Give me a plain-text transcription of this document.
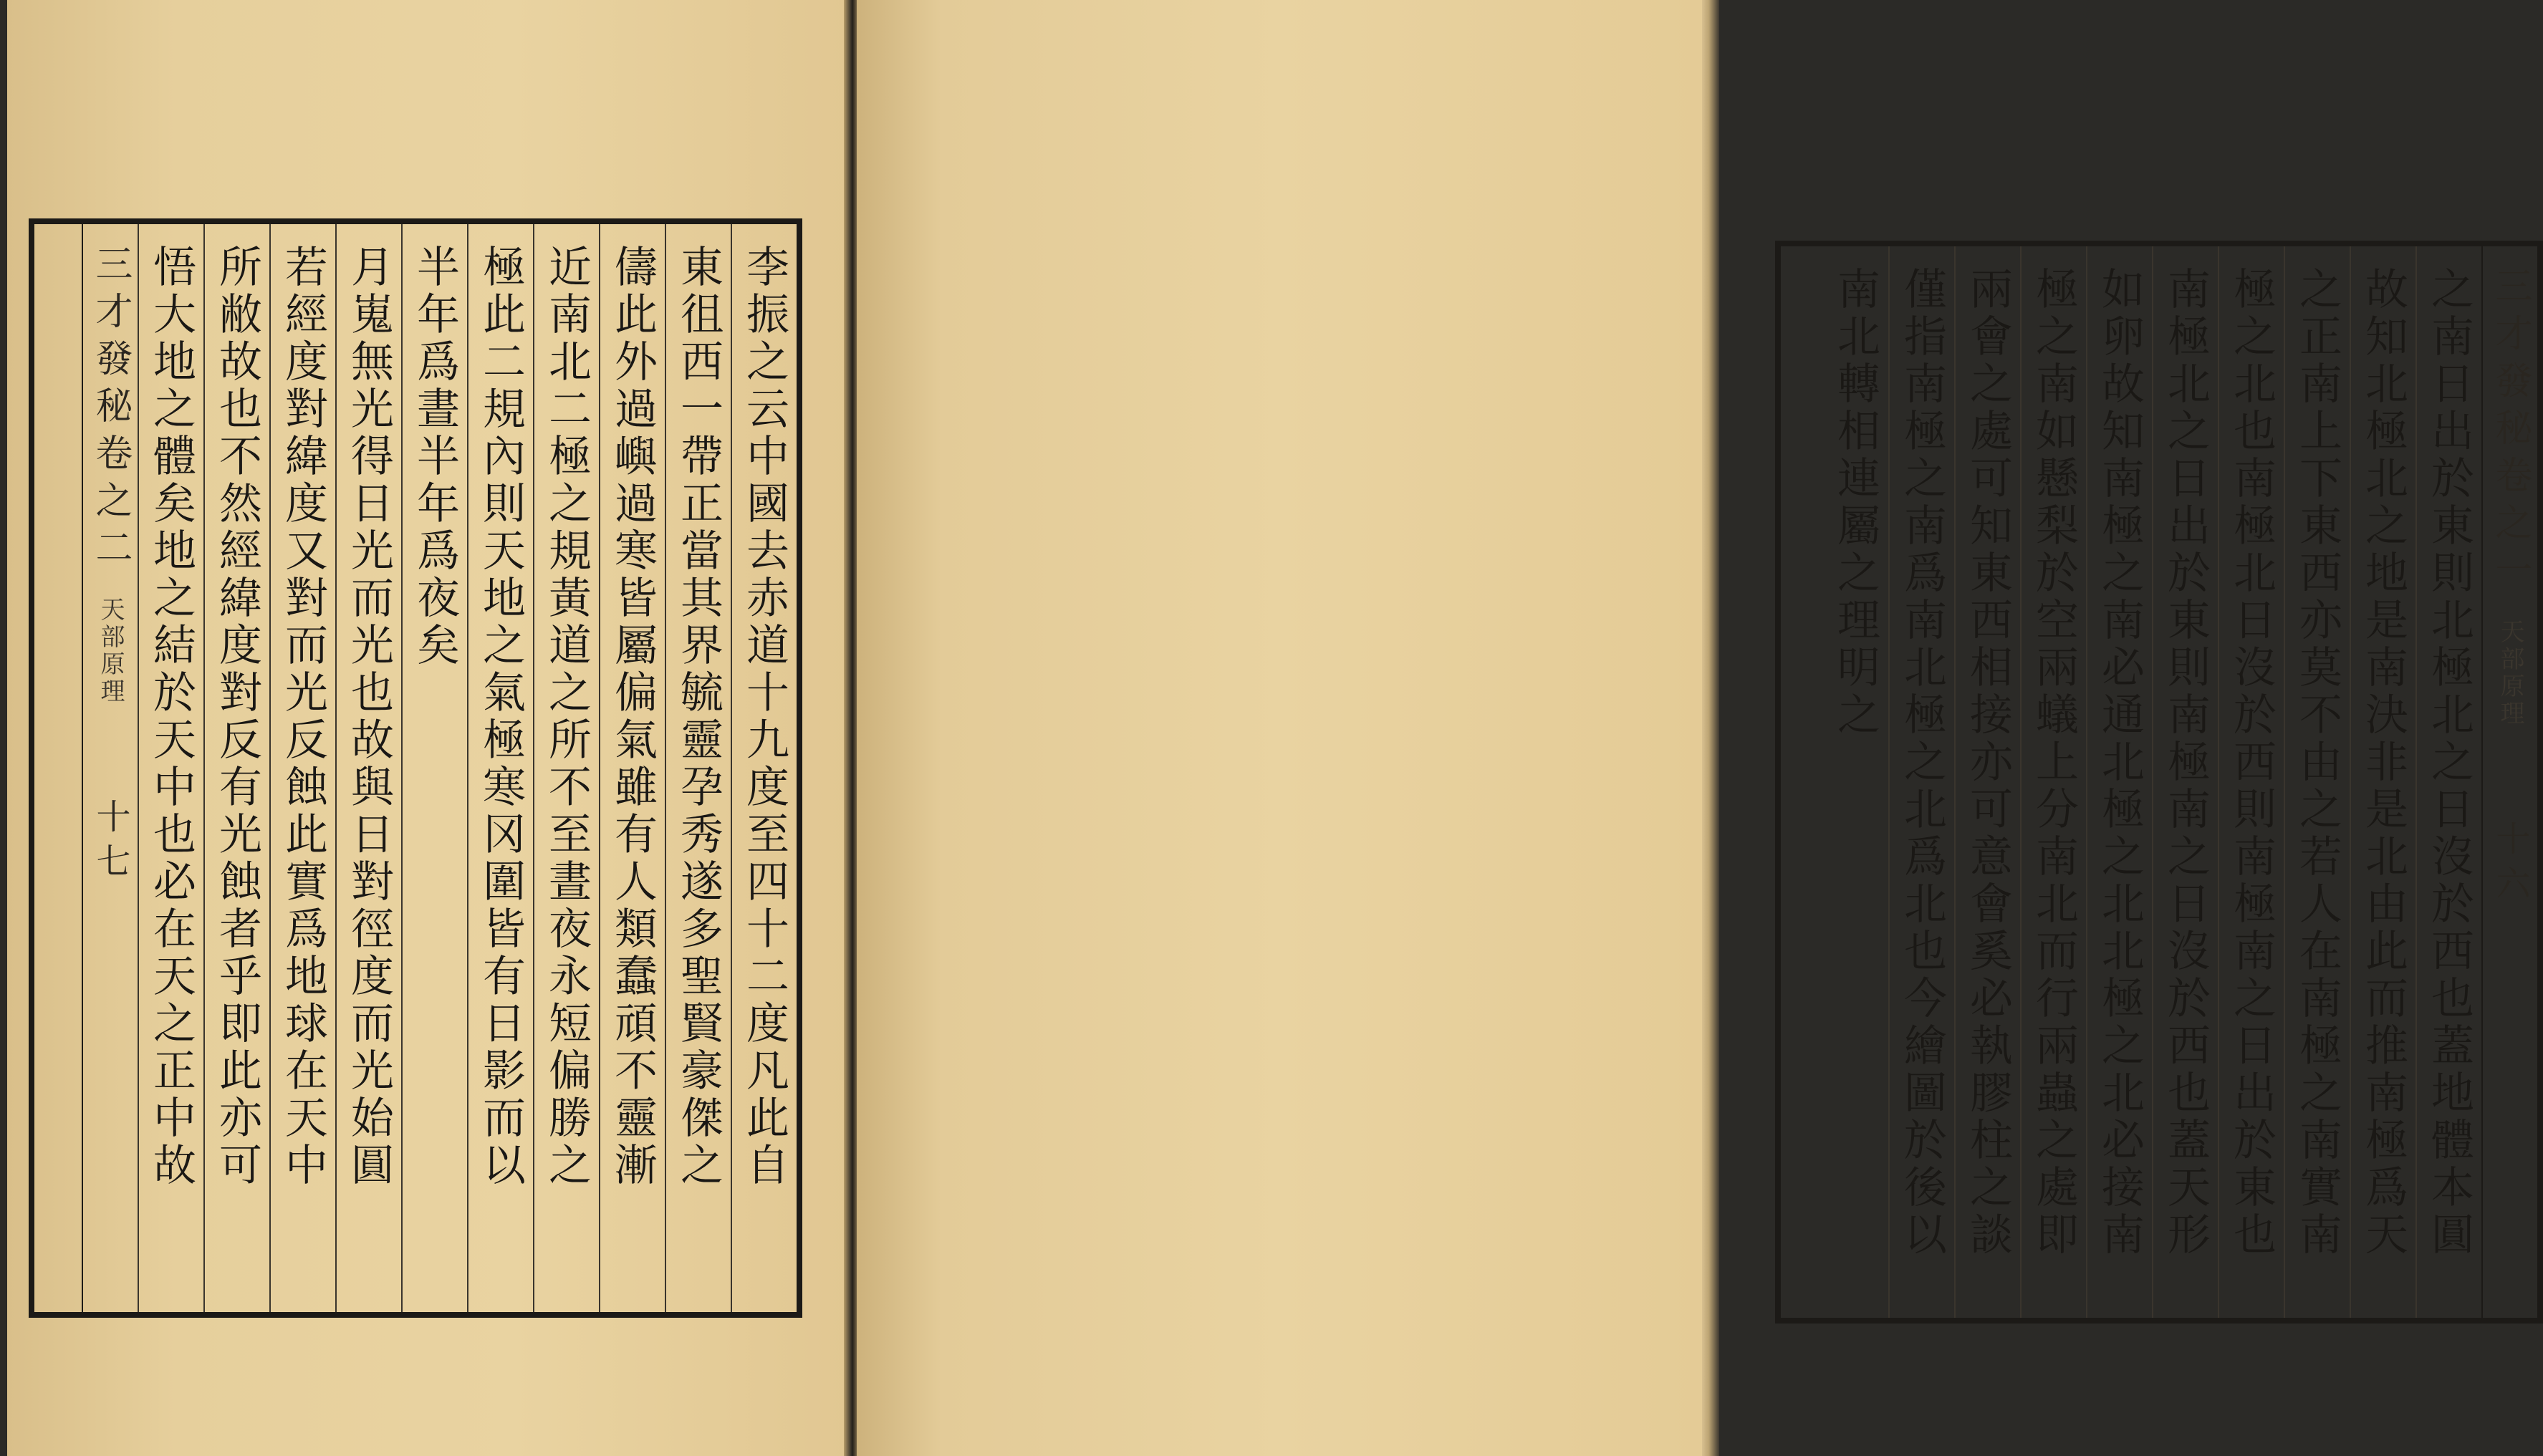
李振之云中國去赤道十九度至四十二度凡此自
東徂西一帶正當其界毓靈孕秀遂多聖賢豪傑之
儔此外過嶼過寒皆屬偏氣雖有人類蠢頑不靈漸
近南北二極之規黃道之所不至晝夜永短偏勝之
極此二規內則天地之氣極寒冈圍皆有日影而以
半年爲晝半年爲夜矣
月嵬無光得日光而光也故與日對徑度而光始圓
若經度對緯度又對而光反蝕此實爲地球在天中
所敝故也不然經緯度對反有光蝕者乎即此亦可
悟大地之體矣地之結於天中也必在天之正中故
三才發秘
卷之二
天部原理
十七
三才發秘
卷之一
天部原理
十六
之南日出於東則北極北之日沒於西也蓋地體本圓
故知北極北之地是南決非是北由此而推南極爲天
之正南上下東西亦莫不由之若人在南極之南實南
極之北也南極北日沒於西則南極南之日出於東也
南極北之日出於東則南極南之日沒於西也蓋天形
如卵故知南極之南必通北極之北北極之北必接南
極之南如懸梨於空兩蟻上分南北而行兩蟲之處即
兩會之處可知東西相接亦可意會奚必執膠柱之談
僅指南極之南爲南北極之北爲北也今繪圖於後以
南北轉相連屬之理明之
